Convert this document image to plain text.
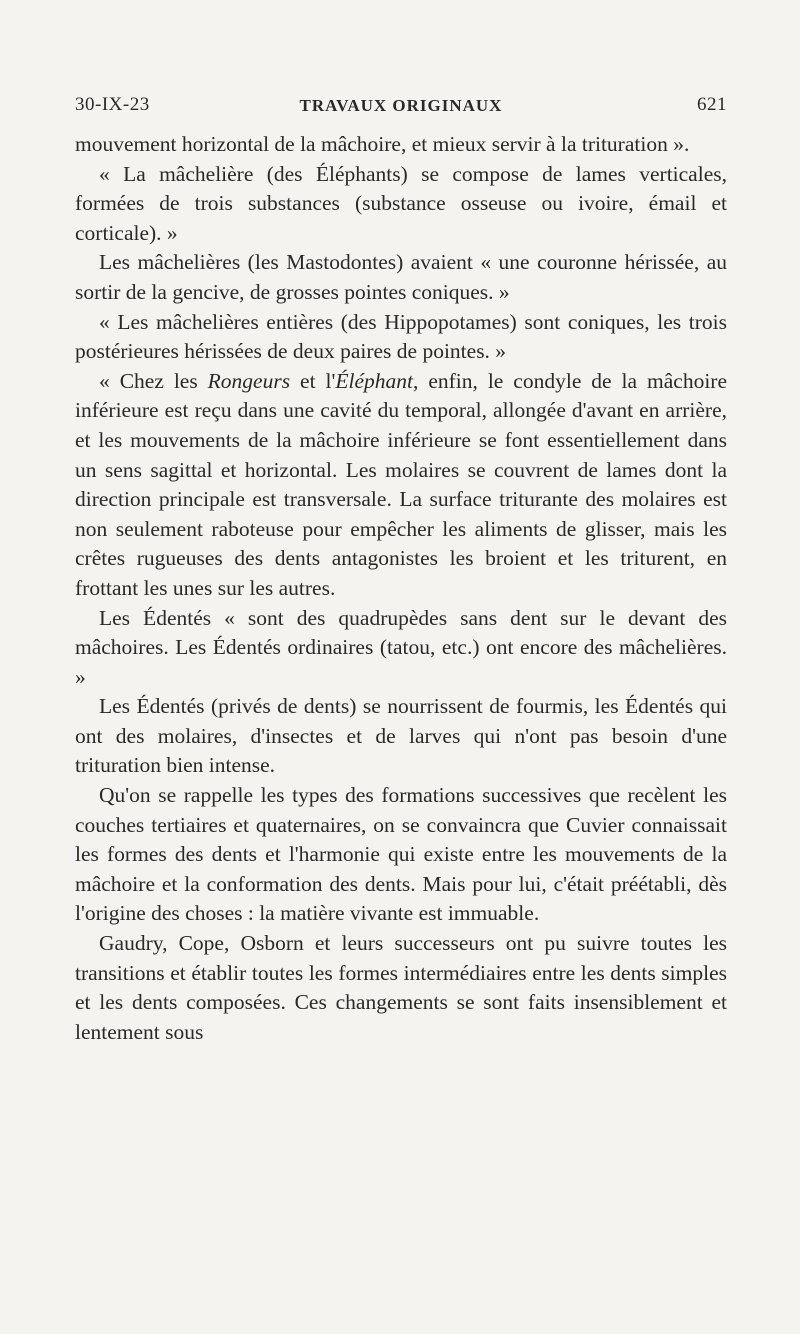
30-IX-23	TRAVAUX ORIGINAUX	621

mouvement horizontal de la mâchoire, et mieux servir à la trituration ».

« La mâchelière (des Éléphants) se compose de lames verticales, formées de trois substances (substance osseuse ou ivoire, émail et corticale). »

Les mâchelières (les Mastodontes) avaient « une couronne hérissée, au sortir de la gencive, de grosses pointes coniques. »

« Les mâchelières entières (des Hippopotames) sont coniques, les trois postérieures hérissées de deux paires de pointes. »

« Chez les Rongeurs et l'Éléphant, enfin, le condyle de la mâchoire inférieure est reçu dans une cavité du temporal, allongée d'avant en arrière, et les mouvements de la mâchoire inférieure se font essentiellement dans un sens sagittal et horizontal. Les molaires se couvrent de lames dont la direction principale est transversale. La surface triturante des molaires est non seulement raboteuse pour empêcher les aliments de glisser, mais les crêtes rugueuses des dents antagonistes les broient et les triturent, en frottant les unes sur les autres.

Les Édentés « sont des quadrupèdes sans dent sur le devant des mâchoires. Les Édentés ordinaires (tatou, etc.) ont encore des mâchelières. »

Les Édentés (privés de dents) se nourrissent de fourmis, les Édentés qui ont des molaires, d'insectes et de larves qui n'ont pas besoin d'une trituration bien intense.

Qu'on se rappelle les types des formations successives que recèlent les couches tertiaires et quaternaires, on se convaincra que Cuvier connaissait les formes des dents et l'harmonie qui existe entre les mouvements de la mâchoire et la conformation des dents. Mais pour lui, c'était préétabli, dès l'origine des choses : la matière vivante est immuable.

Gaudry, Cope, Osborn et leurs successeurs ont pu suivre toutes les transitions et établir toutes les formes intermédiaires entre les dents simples et les dents composées. Ces changements se sont faits insensiblement et lentement sous
